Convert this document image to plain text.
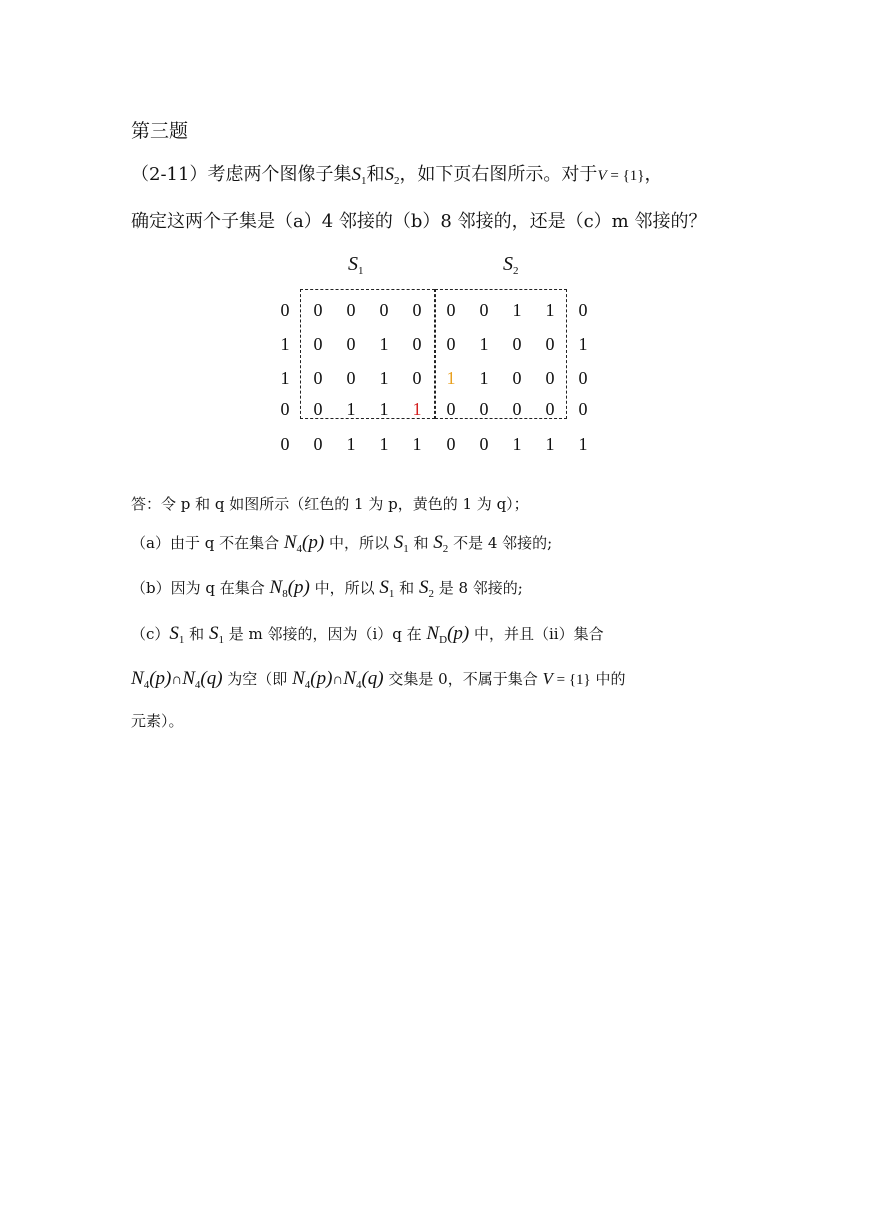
第三题
（2-11）考虑两个图像子集$S_1$和$S_2$，如下页右图所示。对于V = {1}，
确定这两个子集是（a）4 邻接的（b）8 邻接的，还是（c）m 邻接的？
$S_1$	$S_2$
0	0	0	0	0	0	0	1	1	0
1	0	0	1	0	0	1	0	0	1
1	0	0	1	0	1	1	0	0	0
0	0	1	1	1	0	0	0	0	0
0	0	1	1	1	0	0	1	1	1
答：令 p 和 q 如图所示（红色的 1 为 p，黄色的 1 为 q）；
（a）由于 q 不在集合 $N_4(p)$ 中，所以 $S_1$ 和 $S_2$ 不是 4 邻接的;
（b）因为 q 在集合 $N_8(p)$ 中，所以 $S_1$ 和 $S_2$ 是 8 邻接的;
$(c)S_1$ 和 $S_1$ 是 m 邻接的，因为（i）q 在 $N_D(p)$ 中，并且（ii）集合
$N_4(p)\cap N_4(q)$ 为空（即 $N_4(p)\cap N_4(q)$ 交集是 0，不属于集合 V = {1} 中的
元素）。
